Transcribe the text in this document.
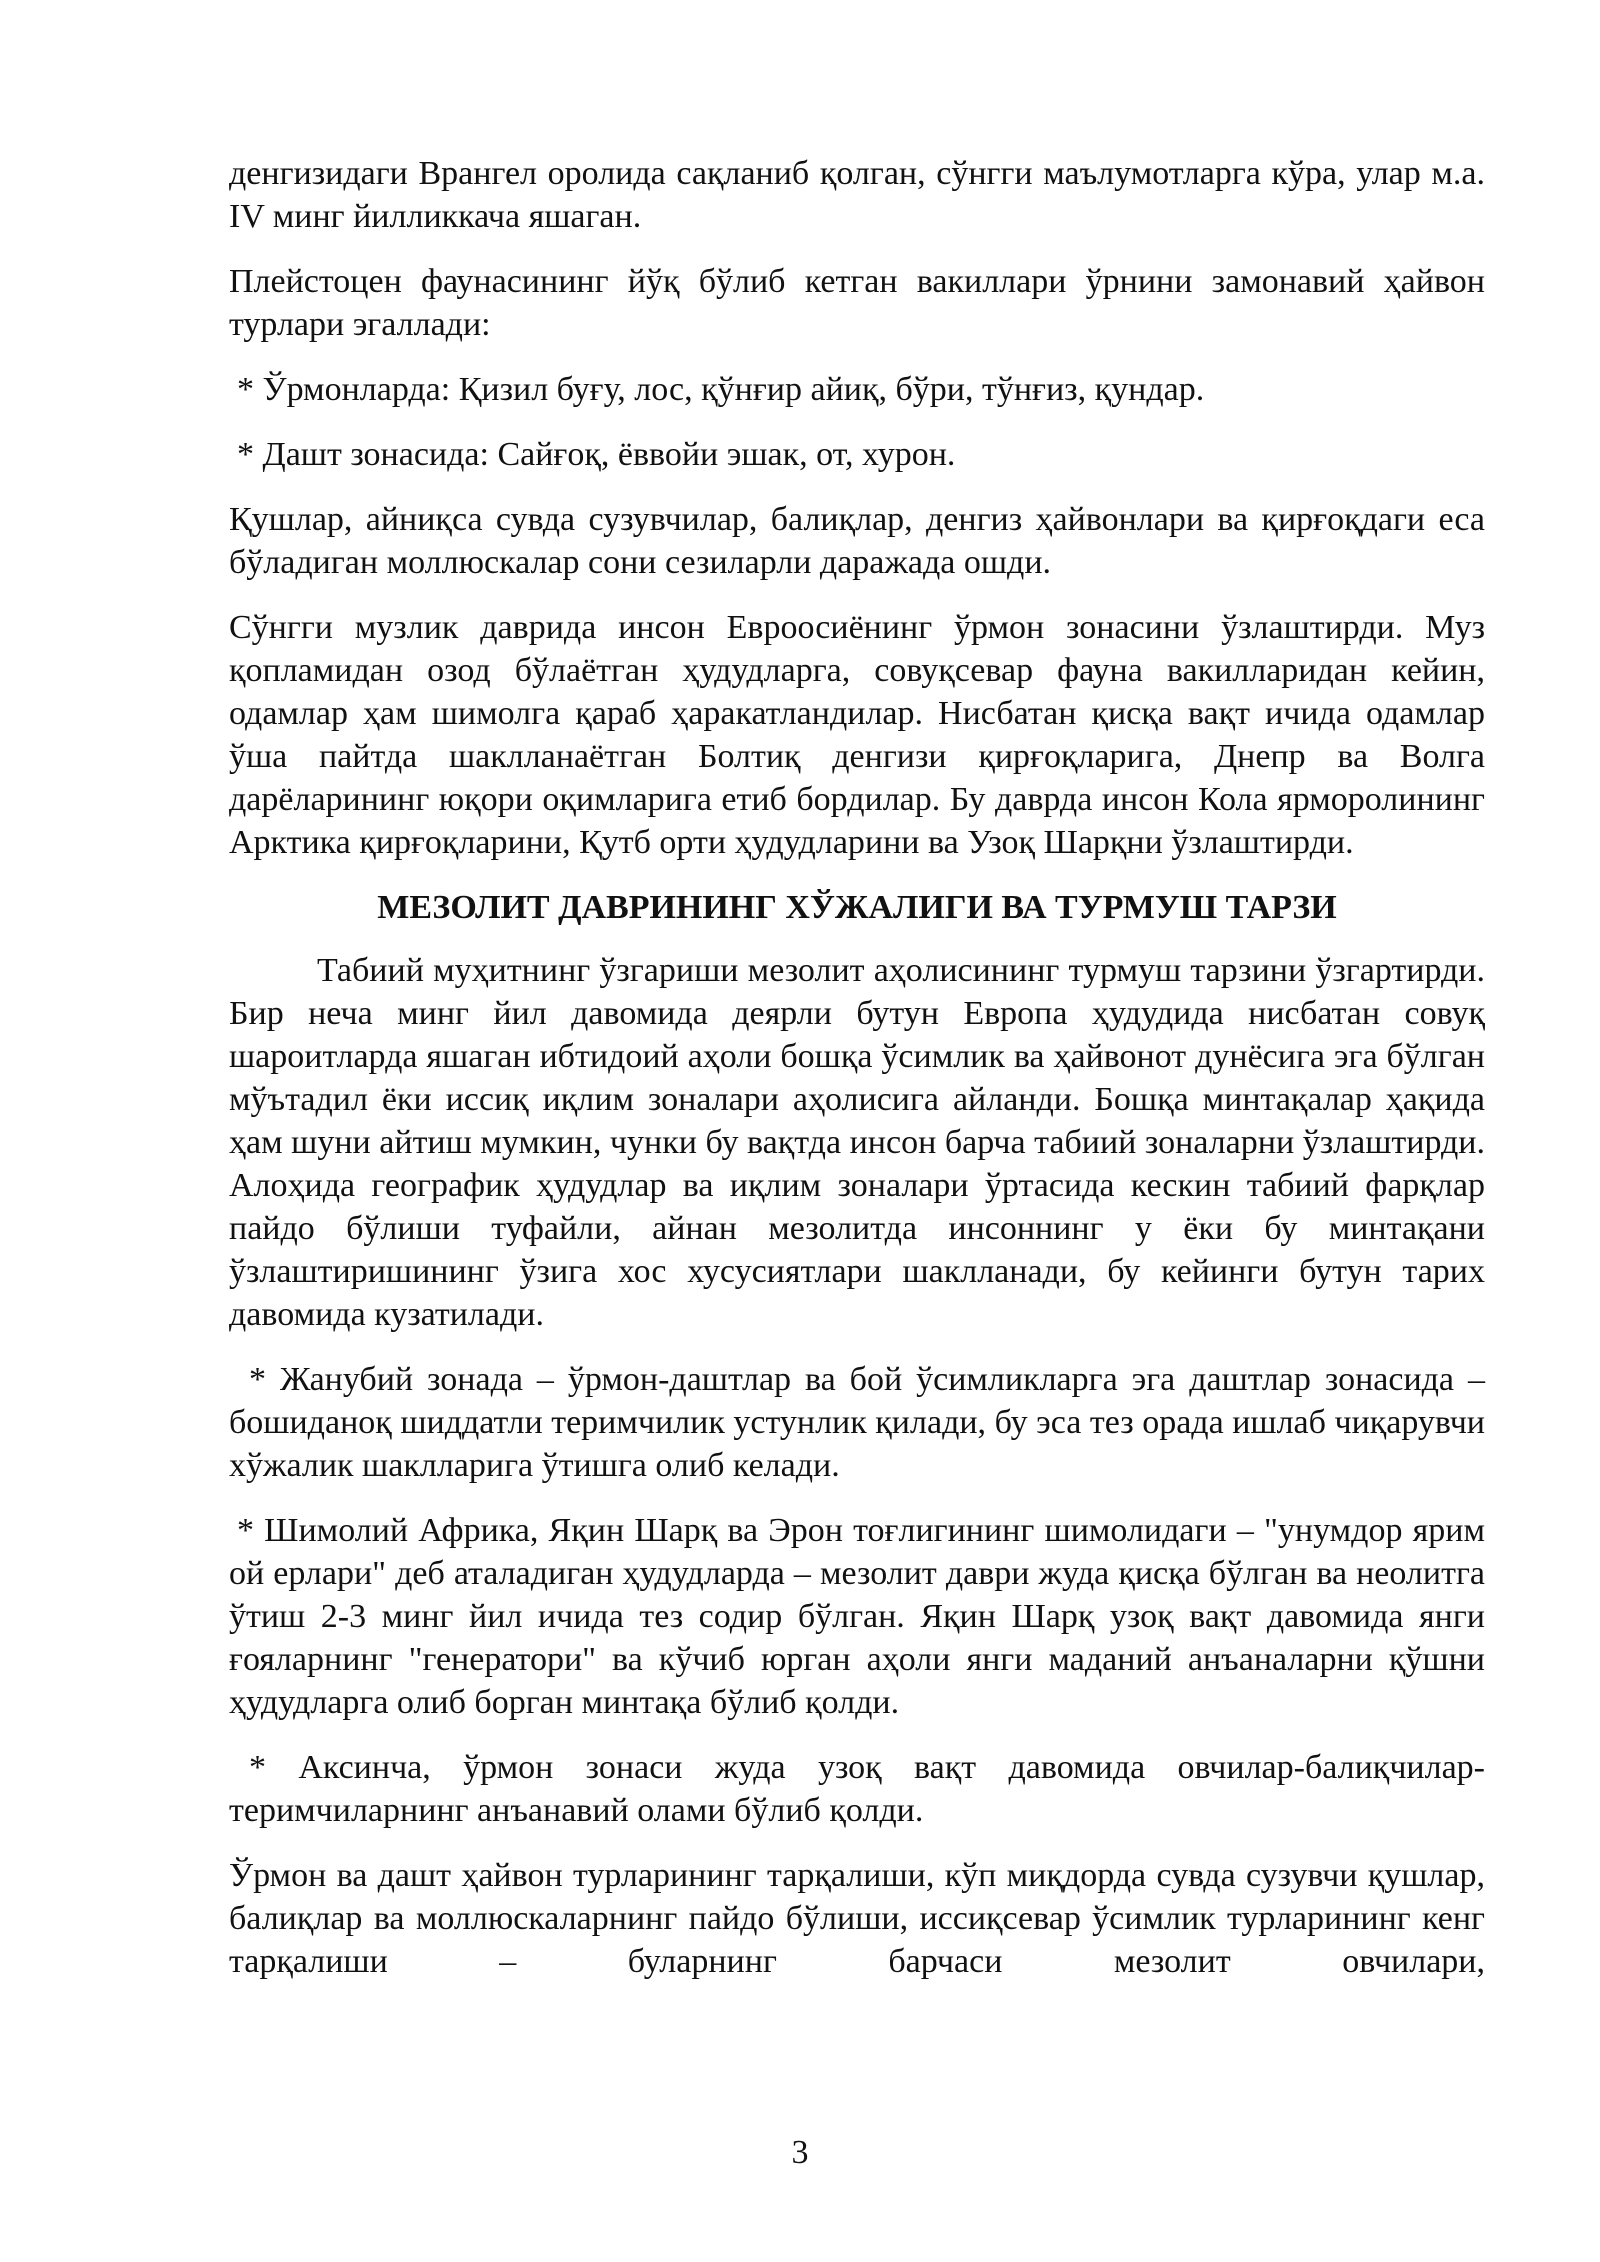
денгизидаги Врангел оролида сақланиб қолган, сўнгги маълумотларга кўра, улар м.а. IV минг йилликкача яшаган.

Плейстоцен фаунасининг йўқ бўлиб кетган вакиллари ўрнини замонавий ҳайвон турлари эгаллади:

* Ўрмонларда: Қизил буғу, лос, қўнғир айиқ, бўри, тўнғиз, қундар.

* Дашт зонасида: Сайғоқ, ёввойи эшак, от, хурон.

Қушлар, айниқса сувда сузувчилар, балиқлар, денгиз ҳайвонлари ва қирғоқдаги еса бўладиган моллюскалар сони сезиларли даражада ошди.

Сўнгги музлик даврида инсон Евроосиёнинг ўрмон зонасини ўзлаштирди. Муз қопламидан озод бўлаётган ҳудудларга, совуқсевар фауна вакилларидан кейин, одамлар ҳам шимолга қараб ҳаракатландилар. Нисбатан қисқа вақт ичида одамлар ўша пайтда шаклланаётган Болтиқ денгизи қирғоқларига, Днепр ва Волга дарёларининг юқори оқимларига етиб бордилар. Бу даврда инсон Кола ярморолининг Арктика қирғоқларини, Қутб орти ҳудудларини ва Узоқ Шарқни ўзлаштирди.

МЕЗОЛИТ ДАВРИНИНГ ХЎЖАЛИГИ ВА ТУРМУШ ТАРЗИ

Табиий муҳитнинг ўзгариши мезолит аҳолисининг турмуш тарзини ўзгартирди. Бир неча минг йил давомида деярли бутун Европа ҳудудида нисбатан совуқ шароитларда яшаган ибтидоий аҳоли бошқа ўсимлик ва ҳайвонот дунёсига эга бўлган мўътадил ёки иссиқ иқлим зоналари аҳолисига айланди. Бошқа минтақалар ҳақида ҳам шуни айтиш мумкин, чунки бу вақтда инсон барча табиий зоналарни ўзлаштирди. Алоҳида географик ҳудудлар ва иқлим зоналари ўртасида кескин табиий фарқлар пайдо бўлиши туфайли, айнан мезолитда инсоннинг у ёки бу минтақани ўзлаштиришининг ўзига хос хусусиятлари шаклланади, бу кейинги бутун тарих давомида кузатилади.

* Жанубий зонада – ўрмон-даштлар ва бой ўсимликларга эга даштлар зонасида – бошиданоқ шиддатли теримчилик устунлик қилади, бу эса тез орада ишлаб чиқарувчи хўжалик шаклларига ўтишга олиб келади.

* Шимолий Африка, Яқин Шарқ ва Эрон тоғлигининг шимолидаги – "унумдор ярим ой ерлари" деб аталадиган ҳудудларда – мезолит даври жуда қисқа бўлган ва неолитга ўтиш 2-3 минг йил ичида тез содир бўлган. Яқин Шарқ узоқ вақт давомида янги ғояларнинг "генератори" ва кўчиб юрган аҳоли янги маданий анъаналарни қўшни ҳудудларга олиб борган минтақа бўлиб қолди.

* Аксинча, ўрмон зонаси жуда узоқ вақт давомида овчилар-балиқчилар-теримчиларнинг анъанавий олами бўлиб қолди.

Ўрмон ва дашт ҳайвон турларининг тарқалиши, кўп миқдорда сувда сузувчи қушлар, балиқлар ва моллюскаларнинг пайдо бўлиши, иссиқсевар ўсимлик турларининг кенг тарқалиши – буларнинг барчаси мезолит овчилари,

3
